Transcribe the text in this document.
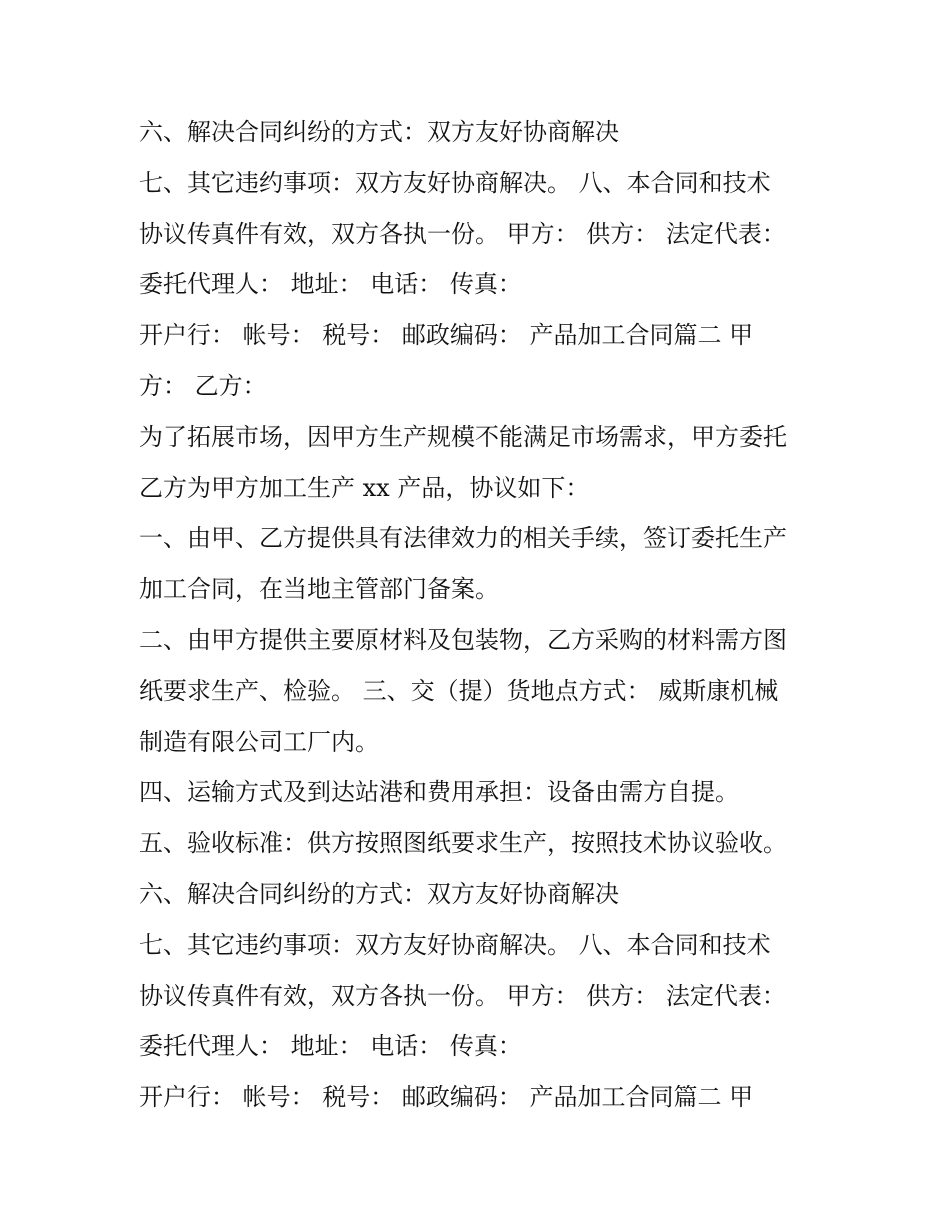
六、解决合同纠纷的方式：双方友好协商解决
七、其它违约事项：双方友好协商解决。 八、本合同和技术
协议传真件有效，双方各执一份。 甲方： 供方： 法定代表：
委托代理人： 地址： 电话： 传真：
开户行： 帐号： 税号： 邮政编码： 产品加工合同篇二 甲
方： 乙方：
为了拓展市场，因甲方生产规模不能满足市场需求，甲方委托
乙方为甲方加工生产 xx 产品，协议如下：
一、由甲、乙方提供具有法律效力的相关手续，签订委托生产
加工合同，在当地主管部门备案。
二、由甲方提供主要原材料及包装物，乙方采购的材料需方图
纸要求生产、检验。 三、交（提）货地点方式： 威斯康机械
制造有限公司工厂内。
四、运输方式及到达站港和费用承担：设备由需方自提。
五、验收标准：供方按照图纸要求生产，按照技术协议验收。
六、解决合同纠纷的方式：双方友好协商解决
七、其它违约事项：双方友好协商解决。 八、本合同和技术
协议传真件有效，双方各执一份。 甲方： 供方： 法定代表：
委托代理人： 地址： 电话： 传真：
开户行： 帐号： 税号： 邮政编码： 产品加工合同篇二 甲
